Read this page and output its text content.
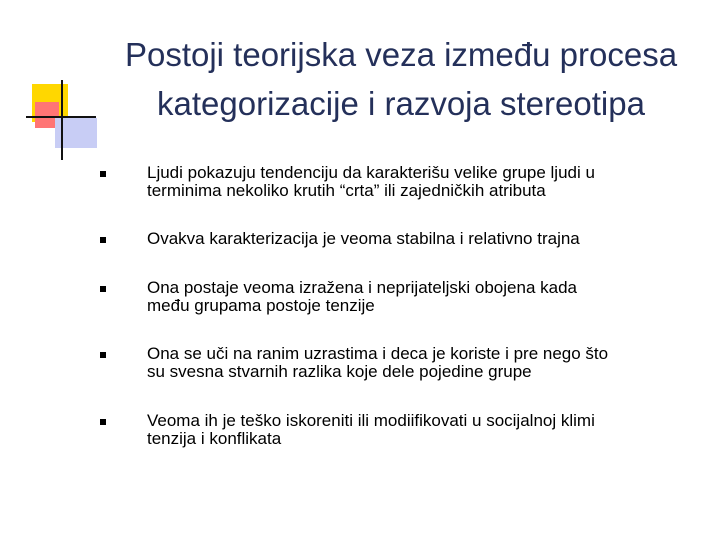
Postoji teorijska veza između procesa
kategorizacije i razvoja stereotipa
Ljudi pokazuju tendenciju da karakterišu velike grupe ljudi u
terminima nekoliko krutih “crta” ili zajedničkih atributa
Ovakva karakterizacija je veoma stabilna i relativno trajna
Ona postaje veoma izražena i neprijateljski obojena kada
među grupama postoje tenzije
Ona se uči na ranim uzrastima i deca je koriste i pre nego što
su svesna stvarnih razlika koje dele pojedine grupe
Veoma ih je teško iskoreniti ili modiifikovati u socijalnoj klimi
tenzija i konflikata
